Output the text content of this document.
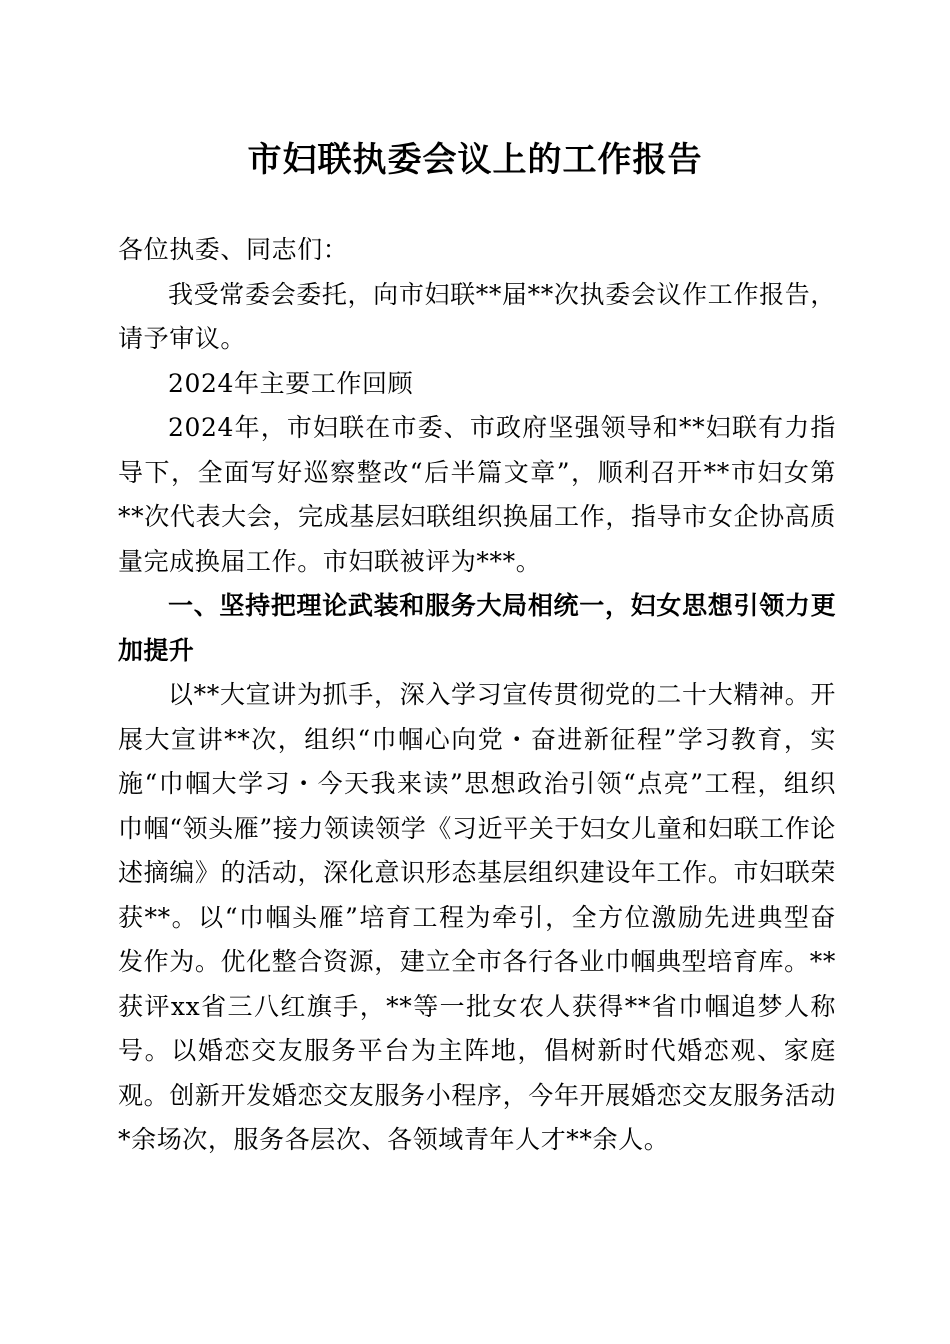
市妇联执委会议上的工作报告

各位执委、同志们：

我受常委会委托，向市妇联**届**次执委会议作工作报告，请予审议。

2024年主要工作回顾

2024年，市妇联在市委、市政府坚强领导和**妇联有力指导下，全面写好巡察整改“后半篇文章”，顺利召开**市妇女第**次代表大会，完成基层妇联组织换届工作，指导市女企协高质量完成换届工作。市妇联被评为***。

一、坚持把理论武装和服务大局相统一，妇女思想引领力更加提升

以**大宣讲为抓手，深入学习宣传贯彻党的二十大精神。开展大宣讲**次，组织“巾帼心向党・奋进新征程”学习教育，实施“巾帼大学习・今天我来读”思想政治引领“点亮”工程，组织巾帼“领头雁”接力领读领学《习近平关于妇女儿童和妇联工作论述摘编》的活动，深化意识形态基层组织建设年工作。市妇联荣获**。以“巾帼头雁”培育工程为牵引，全方位激励先进典型奋发作为。优化整合资源，建立全市各行各业巾帼典型培育库。**获评xx省三八红旗手，**等一批女农人获得**省巾帼追梦人称号。以婚恋交友服务平台为主阵地，倡树新时代婚恋观、家庭观。创新开发婚恋交友服务小程序，今年开展婚恋交友服务活动*余场次，服务各层次、各领域青年人才**余人。
